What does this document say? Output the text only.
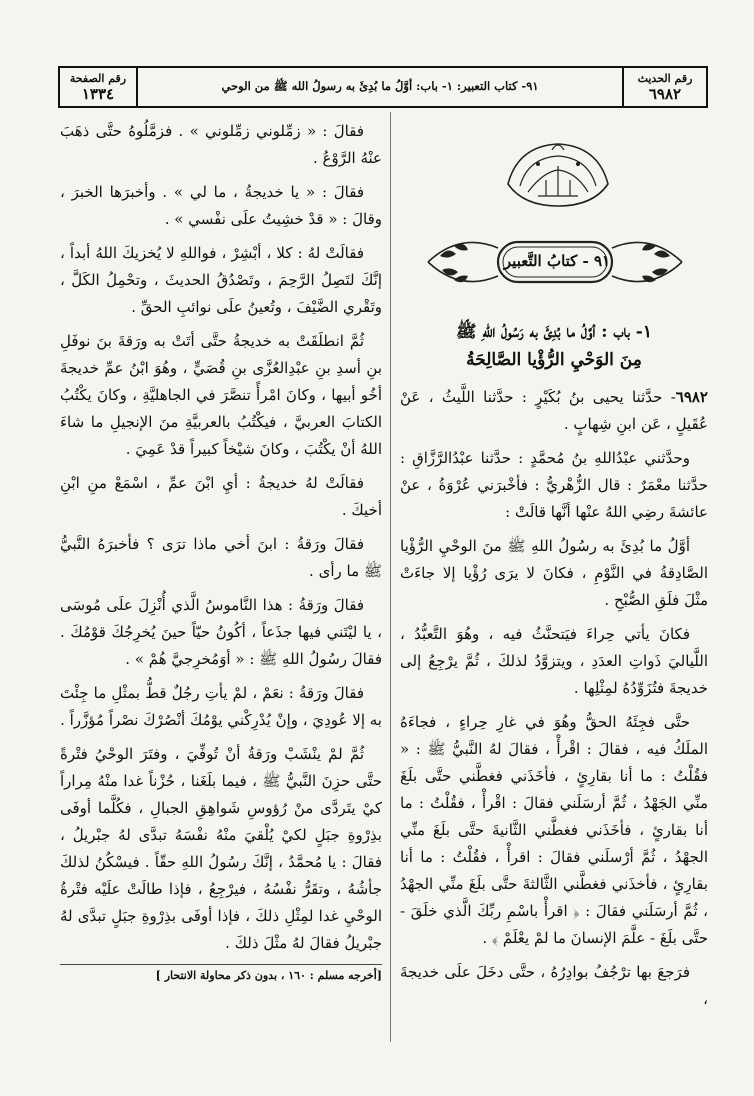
رقم الصفحة
١٣٣٤	٩١- كتاب التعبير: ١- باب: أوَّلُ ما بُدِئَ به رسولُ الله ﷺ من الوحي
رقم الحديث
٦٩٨٢
٩١ - كتابُ التَّعبير

١- باب : أوَّلُ ما بُدِئَ به رَسُولُ اللهِ ﷺ
مِنَ الوَحْيِ الرُّؤْيا الصَّالِحَةُ

٦٩٨٢- حدَّثنا يحيى بنُ بُكَيْرٍ : حدَّثنا اللَّيثُ ، عَنْ عُقَيلٍ ، عَن ابنِ شِهابٍ .

وحدَّثني عبْدُاللهِ بنُ مُحمَّدٍ : حدَّثنا عبْدُالرَّزَّاقِ : حدَّثنا معْمَرٌ : قال الزُّهْريُّ : فأخْبرَني عُرْوَةُ ، عنْ عائشةَ رضِي اللهُ عنْها أنَّها قالَتْ :

أوَّلُ ما بُدِئَ به رسُولُ اللهِ ﷺ منَ الوحْيِ الرُّؤْيا الصَّادِقةُ في النَّوْمِ ، فكانَ لا يرَى رُؤْيا إلا جاءَتْ مثْلَ فلَقِ الصُّبْحِ .

فكانَ يأتي حِراءَ فيَتحنَّثُ فيه ، وهُوَ التَّعبُّدُ ، اللَّياليَ ذَواتِ العدَدِ ، ويتزوَّدُ لذلكَ ، ثُمَّ يرْجِعُ إلى خديجةَ فتُزَوِّدُهُ لمِثْلِها .

حتَّى فجِئَهُ الحقُّ وهُوَ في غارِ حِراءٍ ، فجاءَهُ الملَكُ فيه ، فقالَ : اقْرأْ ، فقالَ لهُ النَّبيُّ ﷺ : « فقُلْتُ : ما أنا بقارِئٍ ، فأخَذَني فغطَّني حتَّى بلَغَ منِّي الجَهْدُ ، ثُمَّ أرسَلَني فقالَ : اقْرأْ ، فقُلْتُ : ما أنا بقارئٍ ، فأخَذَني فغطَّني الثَّانيةَ حتَّى بلَغَ منِّي الجهْدُ ، ثُمَّ أرْسلَني فقالَ : اقرأْ ، فقُلْتُ : ما أنا بقارِئٍ ، فأخذَني فغطَّني الثَّالثةَ حتَّى بلَغَ منِّي الجهْدُ ، ثُمَّ أرسَلَني فقالَ : ﴿ اقرأْ باسْمِ ربِّكَ الَّذي خلَقَ - حتَّى بلَغَ - علَّمَ الإنسانَ ما لمْ يعْلَمْ ﴾ .

فرَجعَ بها ترْجُفُ بوادِرُهُ ، حتَّى دخَلَ علَى خديجةَ ،

فقالَ : « زمِّلوني زمِّلوني » . فزمَّلُوهُ حتَّى ذهَبَ عنْهُ الرَّوْعُ .

فقالَ : « يا خديجةُ ، ما لي » . وأخبرَها الخبرَ ، وقالَ : « قدْ خشِيتُ علَى نفْسي » .

فقالَتْ لهُ : كلا ، أبْشِرْ ، فواللهِ لا يُخزيكَ اللهُ أبداً ، إنَّكَ لتَصِلُ الرَّحِمَ ، وتَصْدُقُ الحديثَ ، وتحْمِلُ الكَلَّ ، وتَقْري الضَّيْفَ ، وتُعينُ علَى نوائبِ الحقِّ .

ثُمَّ انطلَقَتْ به خديجةُ حتَّى أتَتْ به ورَقةَ بنَ نوفَلِ بنِ أسدِ بنِ عبْدِالعُزَّى بنِ قُصَيٍّ ، وهُوَ ابْنُ عمِّ خديجةَ أخُو أبيها ، وكانَ امْرأً تنصَّرَ في الجاهليَّةِ ، وكانَ يكْتُبُ الكتابَ العربيَّ ، فيكْتُبُ بالعربيَّةِ منَ الإنجيلِ ما شاءَ اللهُ أنْ يكْتُبَ ، وكانَ شيْخاً كبيراً قدْ عَمِيَ .

فقالَتْ لهُ خديجةُ : أيِ ابْنَ عمِّ ، اسْمَعْ منِ ابْنِ أخيكَ .

فقالَ ورَقةُ : ابنَ أخي ماذا ترَى ؟ فأخبرَهُ النَّبيُّ ﷺ ما رأى .

فقالَ ورَقةُ : هذا النَّاموسُ الَّذي أُنْزِلَ علَى مُوسَى ، يا ليْتَني فيها جذَعاً ، أكُونُ حيّاً حينَ يُخرِجُكَ قوْمُكَ . فقالَ رسُولُ اللهِ ﷺ : « أوَمُخرِجيَّ هُمْ » .

فقالَ ورَقةُ : نعَمْ ، لمْ يأتِ رجُلٌ قطُّ بمثْلِ ما جِئْتَ به إلا عُودِيَ ، وإنْ يُدْرِكْني يوْمُكَ أنْصُرْكَ نصْراً مُؤزَّراً .

ثُمَّ لمْ ينْشَبْ ورَقةُ أنْ تُوفِّيَ ، وفتَرَ الوحْيُ فتْرةً حتَّى حزِنَ النَّبيُّ ﷺ ، فيما بلَغَنا ، حُزْناً غدا منْهُ مِراراً كيْ يتَردَّى منْ رُؤوسِ شَواهِقِ الجبالِ ، فكُلَّما أوفَى بذِرْوةِ جبَلٍ لكيْ يُلْقيَ منْهُ نفْسَهُ تبدَّى لهُ جبْريلُ ، فقالَ : يا مُحمَّدُ ، إنَّكَ رسُولُ اللهِ حقّاً . فيسْكُنُ لذلكَ جأشُهُ ، وتقَرُّ نفْسُهُ ، فيرْجِعُ ، فإذا طالَتْ علَيْه فتْرةُ الوحْيِ غدا لمِثْلِ ذلكَ ، فإذا أوفَى بذِرْوةِ جبَلٍ تبدَّى لهُ جبْريلُ فقالَ لهُ مثْلَ ذلكَ .

[أخرجه مسلم : ١٦٠ ، بدون ذكر محاولة الانتحار ]
